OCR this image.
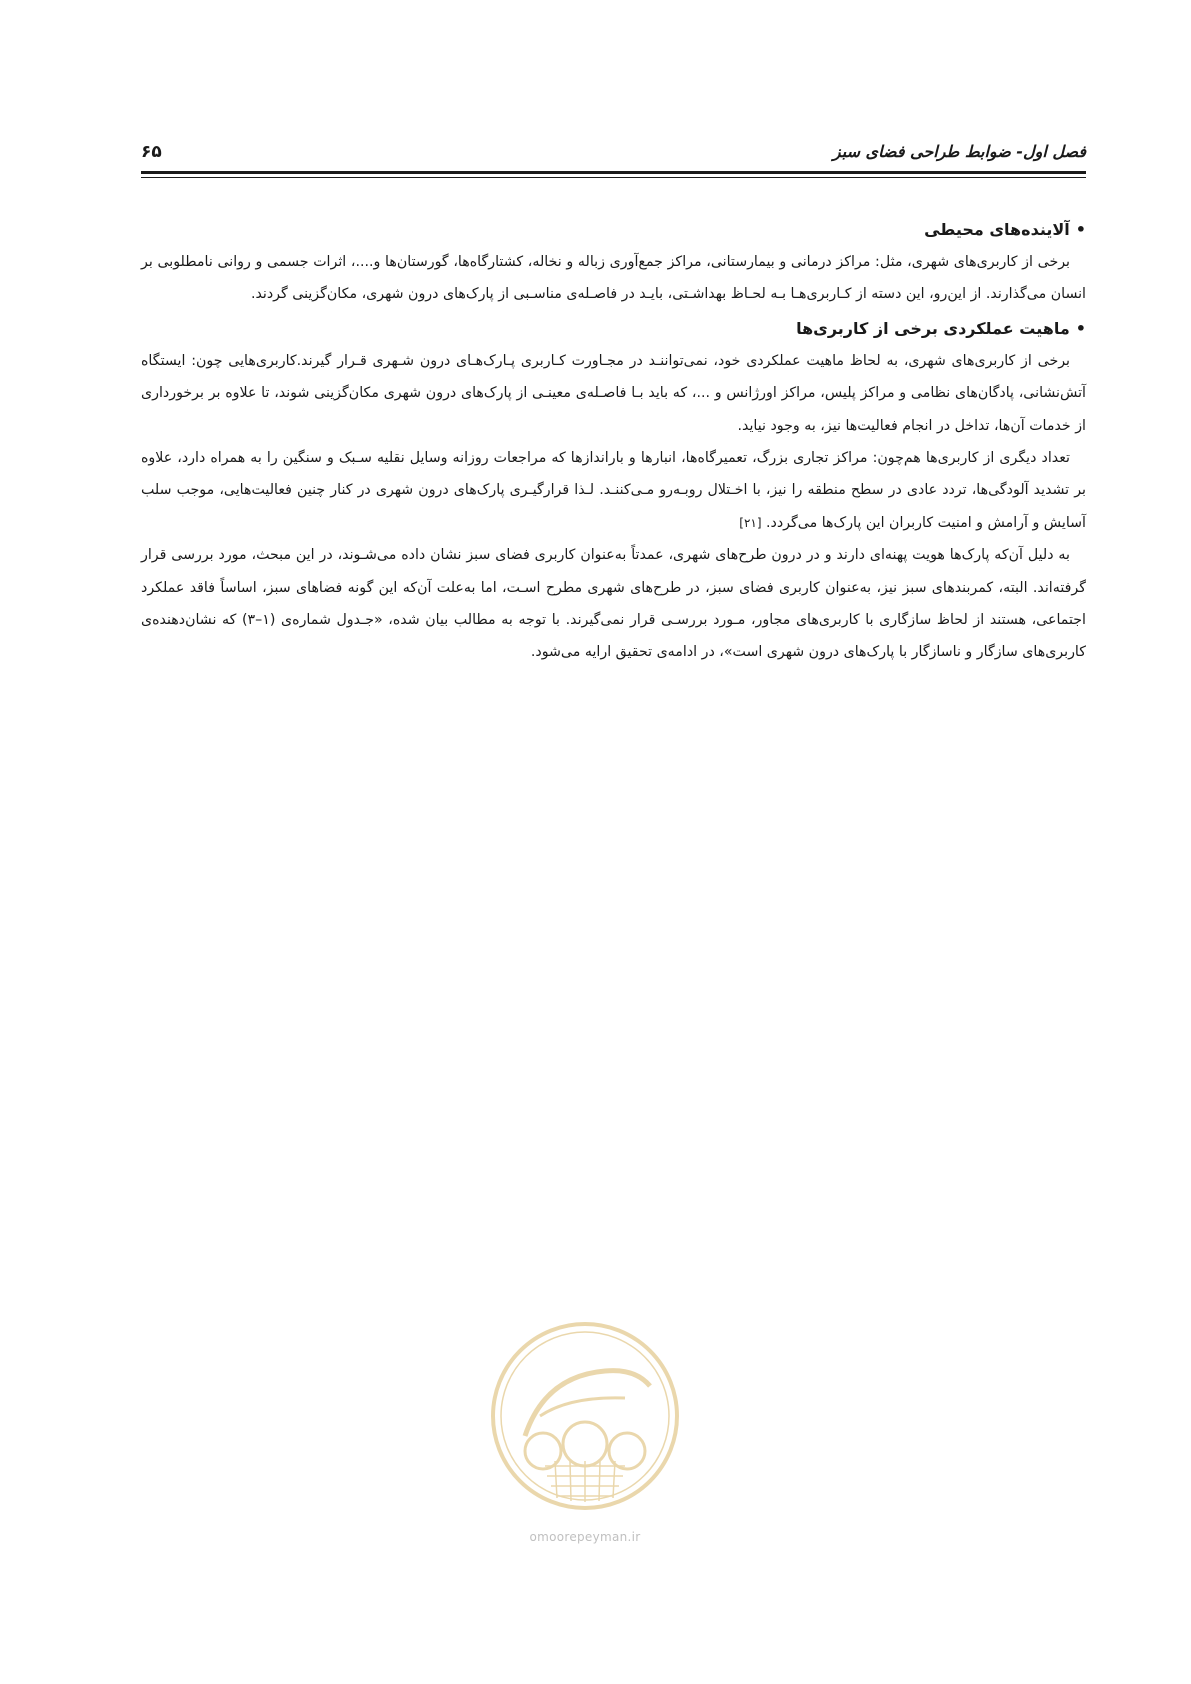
فصل اول- ضوابط طراحی فضای سبز
۶۵

•آلاینده‌های محیطی

برخی از کاربری‌های شهری، مثل: مراکز درمانی و بیمارستانی، مراکز جمع‌آوری زباله و نخاله، کشتارگاه‌ها، گورستان‌ها و....، اثرات جسمی و روانی نامطلوبی بر انسان می‌گذارند. از این‌رو، این دسته از کـاربری‌هـا بـه لحـاظ بهداشـتی، بایـد در فاصـله‌ی مناسـبی از پارک‌های درون شهری، مکان‌گزینی گردند.

•ماهیت عملکردی برخی از کاربری‌ها

برخی از کاربری‌های شهری، به لحاظ ماهیت عملکردی خود، نمی‌تواننـد در مجـاورت کـاربری پـارک‌هـای درون شـهری قـرار گیرند.کاربری‌هایی چون: ایستگاه آتش‌نشانی، پادگان‌های نظامی و مراکز پلیس، مراکز اورژانس و ...، که باید بـا فاصـله‌ی معینـی از پارک‌های درون شهری مکان‌گزینی شوند، تا علاوه بر برخورداری از خدمات آن‌ها، تداخل در انجام فعالیت‌ها نیز، به وجود نیاید.

تعداد دیگری از کاربری‌ها هم‌چون: مراکز تجاری بزرگ، تعمیرگاه‌ها، انبارها و باراندازها که مراجعات روزانه وسایل نقلیه سـبک و سنگین را به همراه دارد، علاوه بر تشدید آلودگی‌ها، تردد عادی در سطح منطقه را نیز، با اخـتلال روبـه‌رو مـی‌کننـد. لـذا قرارگیـری پارک‌های درون شهری در کنار چنین فعالیت‌هایی، موجب سلب آسایش و آرامش و امنیت کاربران این پارک‌ها می‌گردد. [۲۱]

به دلیل آن‌که پارک‌ها هویت پهنه‌ای دارند و در درون طرح‌های شهری، عمدتاً به‌عنوان کاربری فضای سبز نشان داده می‌شـوند، در این مبحث، مورد بررسی قرار گرفته‌اند. البته، کمربندهای سبز نیز، به‌عنوان کاربری فضای سبز، در طرح‌های شهری مطرح اسـت، اما به‌علت آن‌که این گونه فضاهای سبز، اساساً فاقد عملکرد اجتماعی، هستند از لحاظ سازگاری با کاربری‌های مجاور، مـورد بررسـی قرار نمی‌گیرند. با توجه به مطالب بیان شده، «جـدول شماره‌ی (۱–۳) که نشان‌دهنده‌ی کاربری‌های سازگار و ناسازگار با پارک‌های درون شهری است»، در ادامه‌ی تحقیق ارایه می‌شود.

omoorepeyman.ir
